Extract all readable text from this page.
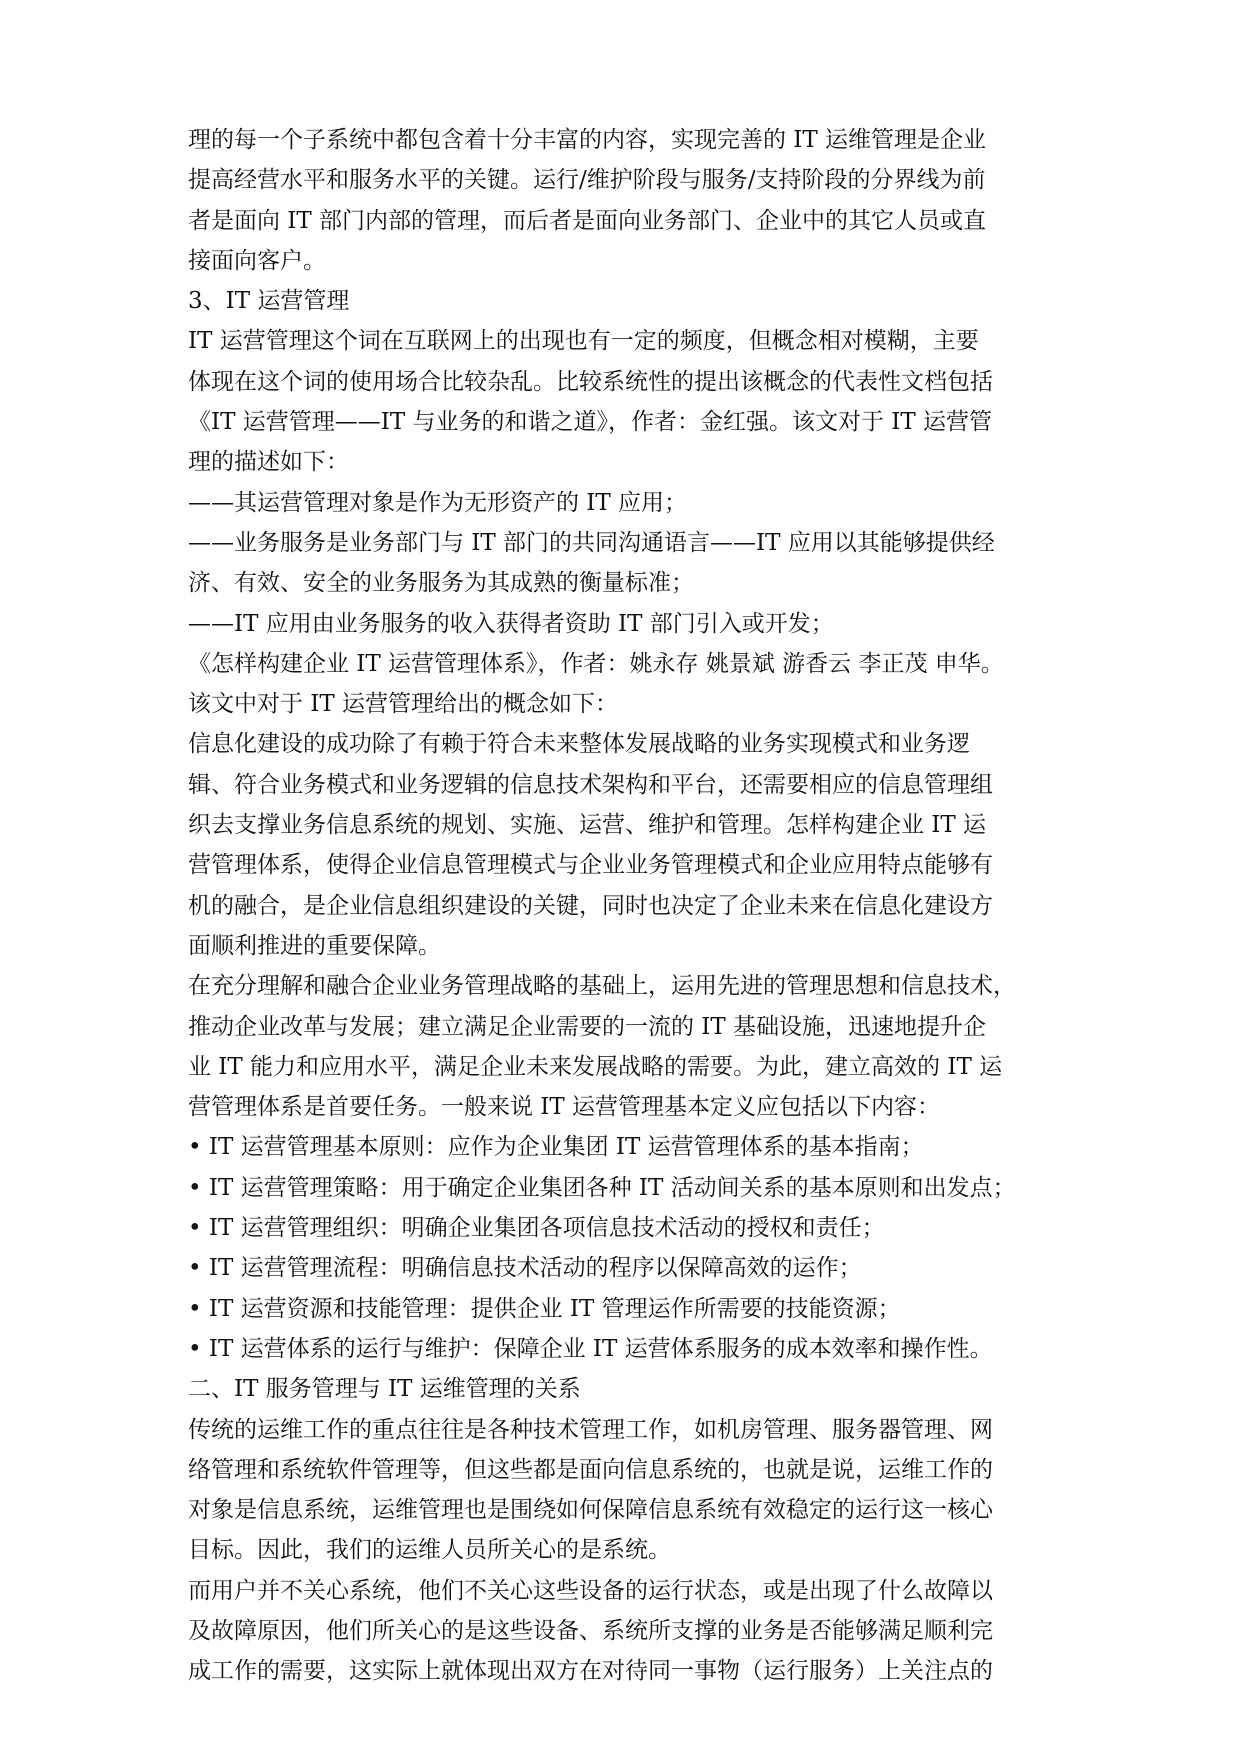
理的每一个子系统中都包含着十分丰富的内容，实现完善的 IT 运维管理是企业
提高经营水平和服务水平的关键。运行/维护阶段与服务/支持阶段的分界线为前
者是面向 IT 部门内部的管理，而后者是面向业务部门、企业中的其它人员或直
接面向客户。
3、IT 运营管理
IT 运营管理这个词在互联网上的出现也有一定的频度，但概念相对模糊，主要
体现在这个词的使用场合比较杂乱。比较系统性的提出该概念的代表性文档包括
《IT 运营管理——IT 与业务的和谐之道》，作者：金红强。该文对于 IT 运营管
理的描述如下：
——其运营管理对象是作为无形资产的 IT 应用；
——业务服务是业务部门与 IT 部门的共同沟通语言——IT 应用以其能够提供经
济、有效、安全的业务服务为其成熟的衡量标准；
——IT 应用由业务服务的收入获得者资助 IT 部门引入或开发；
《怎样构建企业 IT 运营管理体系》，作者：姚永存 姚景斌 游香云 李正茂 申华。
该文中对于 IT 运营管理给出的概念如下：
信息化建设的成功除了有赖于符合未来整体发展战略的业务实现模式和业务逻
辑、符合业务模式和业务逻辑的信息技术架构和平台，还需要相应的信息管理组
织去支撑业务信息系统的规划、实施、运营、维护和管理。怎样构建企业 IT 运
营管理体系，使得企业信息管理模式与企业业务管理模式和企业应用特点能够有
机的融合，是企业信息组织建设的关键，同时也决定了企业未来在信息化建设方
面顺利推进的重要保障。
在充分理解和融合企业业务管理战略的基础上，运用先进的管理思想和信息技术，
推动企业改革与发展；建立满足企业需要的一流的 IT 基础设施，迅速地提升企
业 IT 能力和应用水平，满足企业未来发展战略的需要。为此，建立高效的 IT 运
营管理体系是首要任务。一般来说 IT 运营管理基本定义应包括以下内容：
• IT 运营管理基本原则：应作为企业集团 IT 运营管理体系的基本指南；
• IT 运营管理策略：用于确定企业集团各种 IT 活动间关系的基本原则和出发点；
• IT 运营管理组织：明确企业集团各项信息技术活动的授权和责任；
• IT 运营管理流程：明确信息技术活动的程序以保障高效的运作；
• IT 运营资源和技能管理：提供企业 IT 管理运作所需要的技能资源；
• IT 运营体系的运行与维护：保障企业 IT 运营体系服务的成本效率和操作性。
二、IT 服务管理与 IT 运维管理的关系
传统的运维工作的重点往往是各种技术管理工作，如机房管理、服务器管理、网
络管理和系统软件管理等，但这些都是面向信息系统的，也就是说，运维工作的
对象是信息系统，运维管理也是围绕如何保障信息系统有效稳定的运行这一核心
目标。因此，我们的运维人员所关心的是系统。
而用户并不关心系统，他们不关心这些设备的运行状态，或是出现了什么故障以
及故障原因，他们所关心的是这些设备、系统所支撑的业务是否能够满足顺利完
成工作的需要，这实际上就体现出双方在对待同一事物（运行服务）上关注点的
